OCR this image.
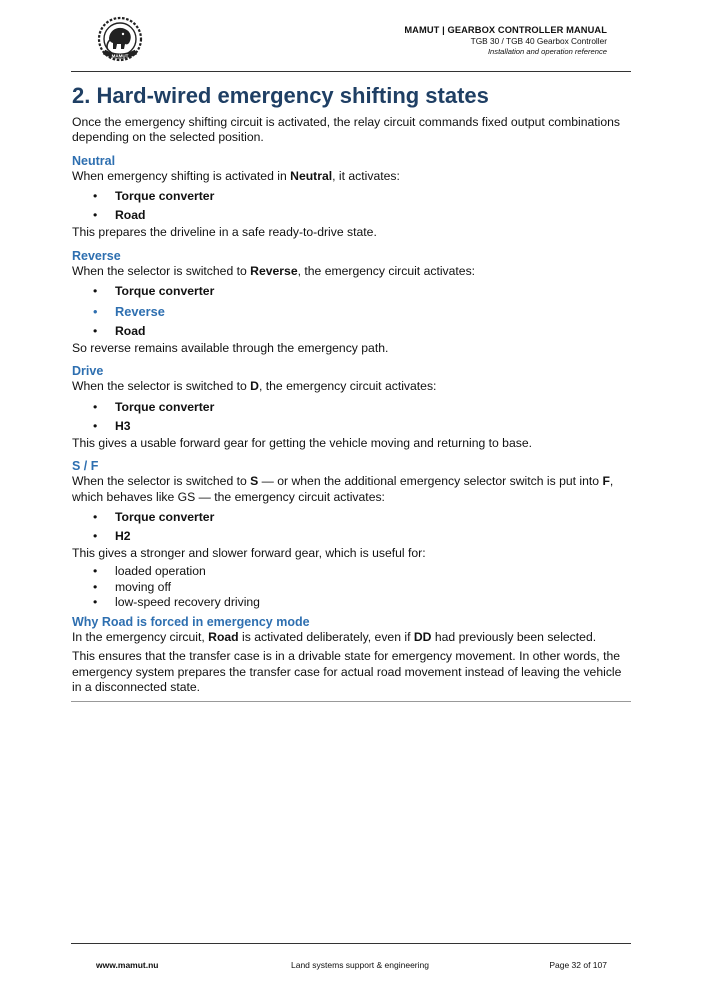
MAMUT
MAMUT | GEARBOX CONTROLLER MANUAL
TGB 30 / TGB 40 Gearbox Controller
Installation and operation reference
2. Hard-wired emergency shifting states

Once the emergency shifting circuit is activated, the relay circuit commands fixed output combinations depending on the selected position.

Neutral

When emergency shifting is activated in Neutral, it activates:

• Torque converter
• Road

This prepares the driveline in a safe ready-to-drive state.

Reverse

When the selector is switched to Reverse, the emergency circuit activates:

• Torque converter
• Reverse
• Road

So reverse remains available through the emergency path.

Drive

When the selector is switched to D, the emergency circuit activates:

• Torque converter
• H3

This gives a usable forward gear for getting the vehicle moving and returning to base.

S / F

When the selector is switched to S — or when the additional emergency selector switch is put into F, which behaves like GS — the emergency circuit activates:

• Torque converter
• H2

This gives a stronger and slower forward gear, which is useful for:

• loaded operation
• moving off
• low-speed recovery driving
Why Road is forced in emergency mode

In the emergency circuit, Road is activated deliberately, even if DD had previously been selected.

This ensures that the transfer case is in a drivable state for emergency movement. In other words, the emergency system prepares the transfer case for actual road movement instead of leaving the vehicle in a disconnected state.

www.mamut.nu	Land systems support & engineering	Page 32 of 107
